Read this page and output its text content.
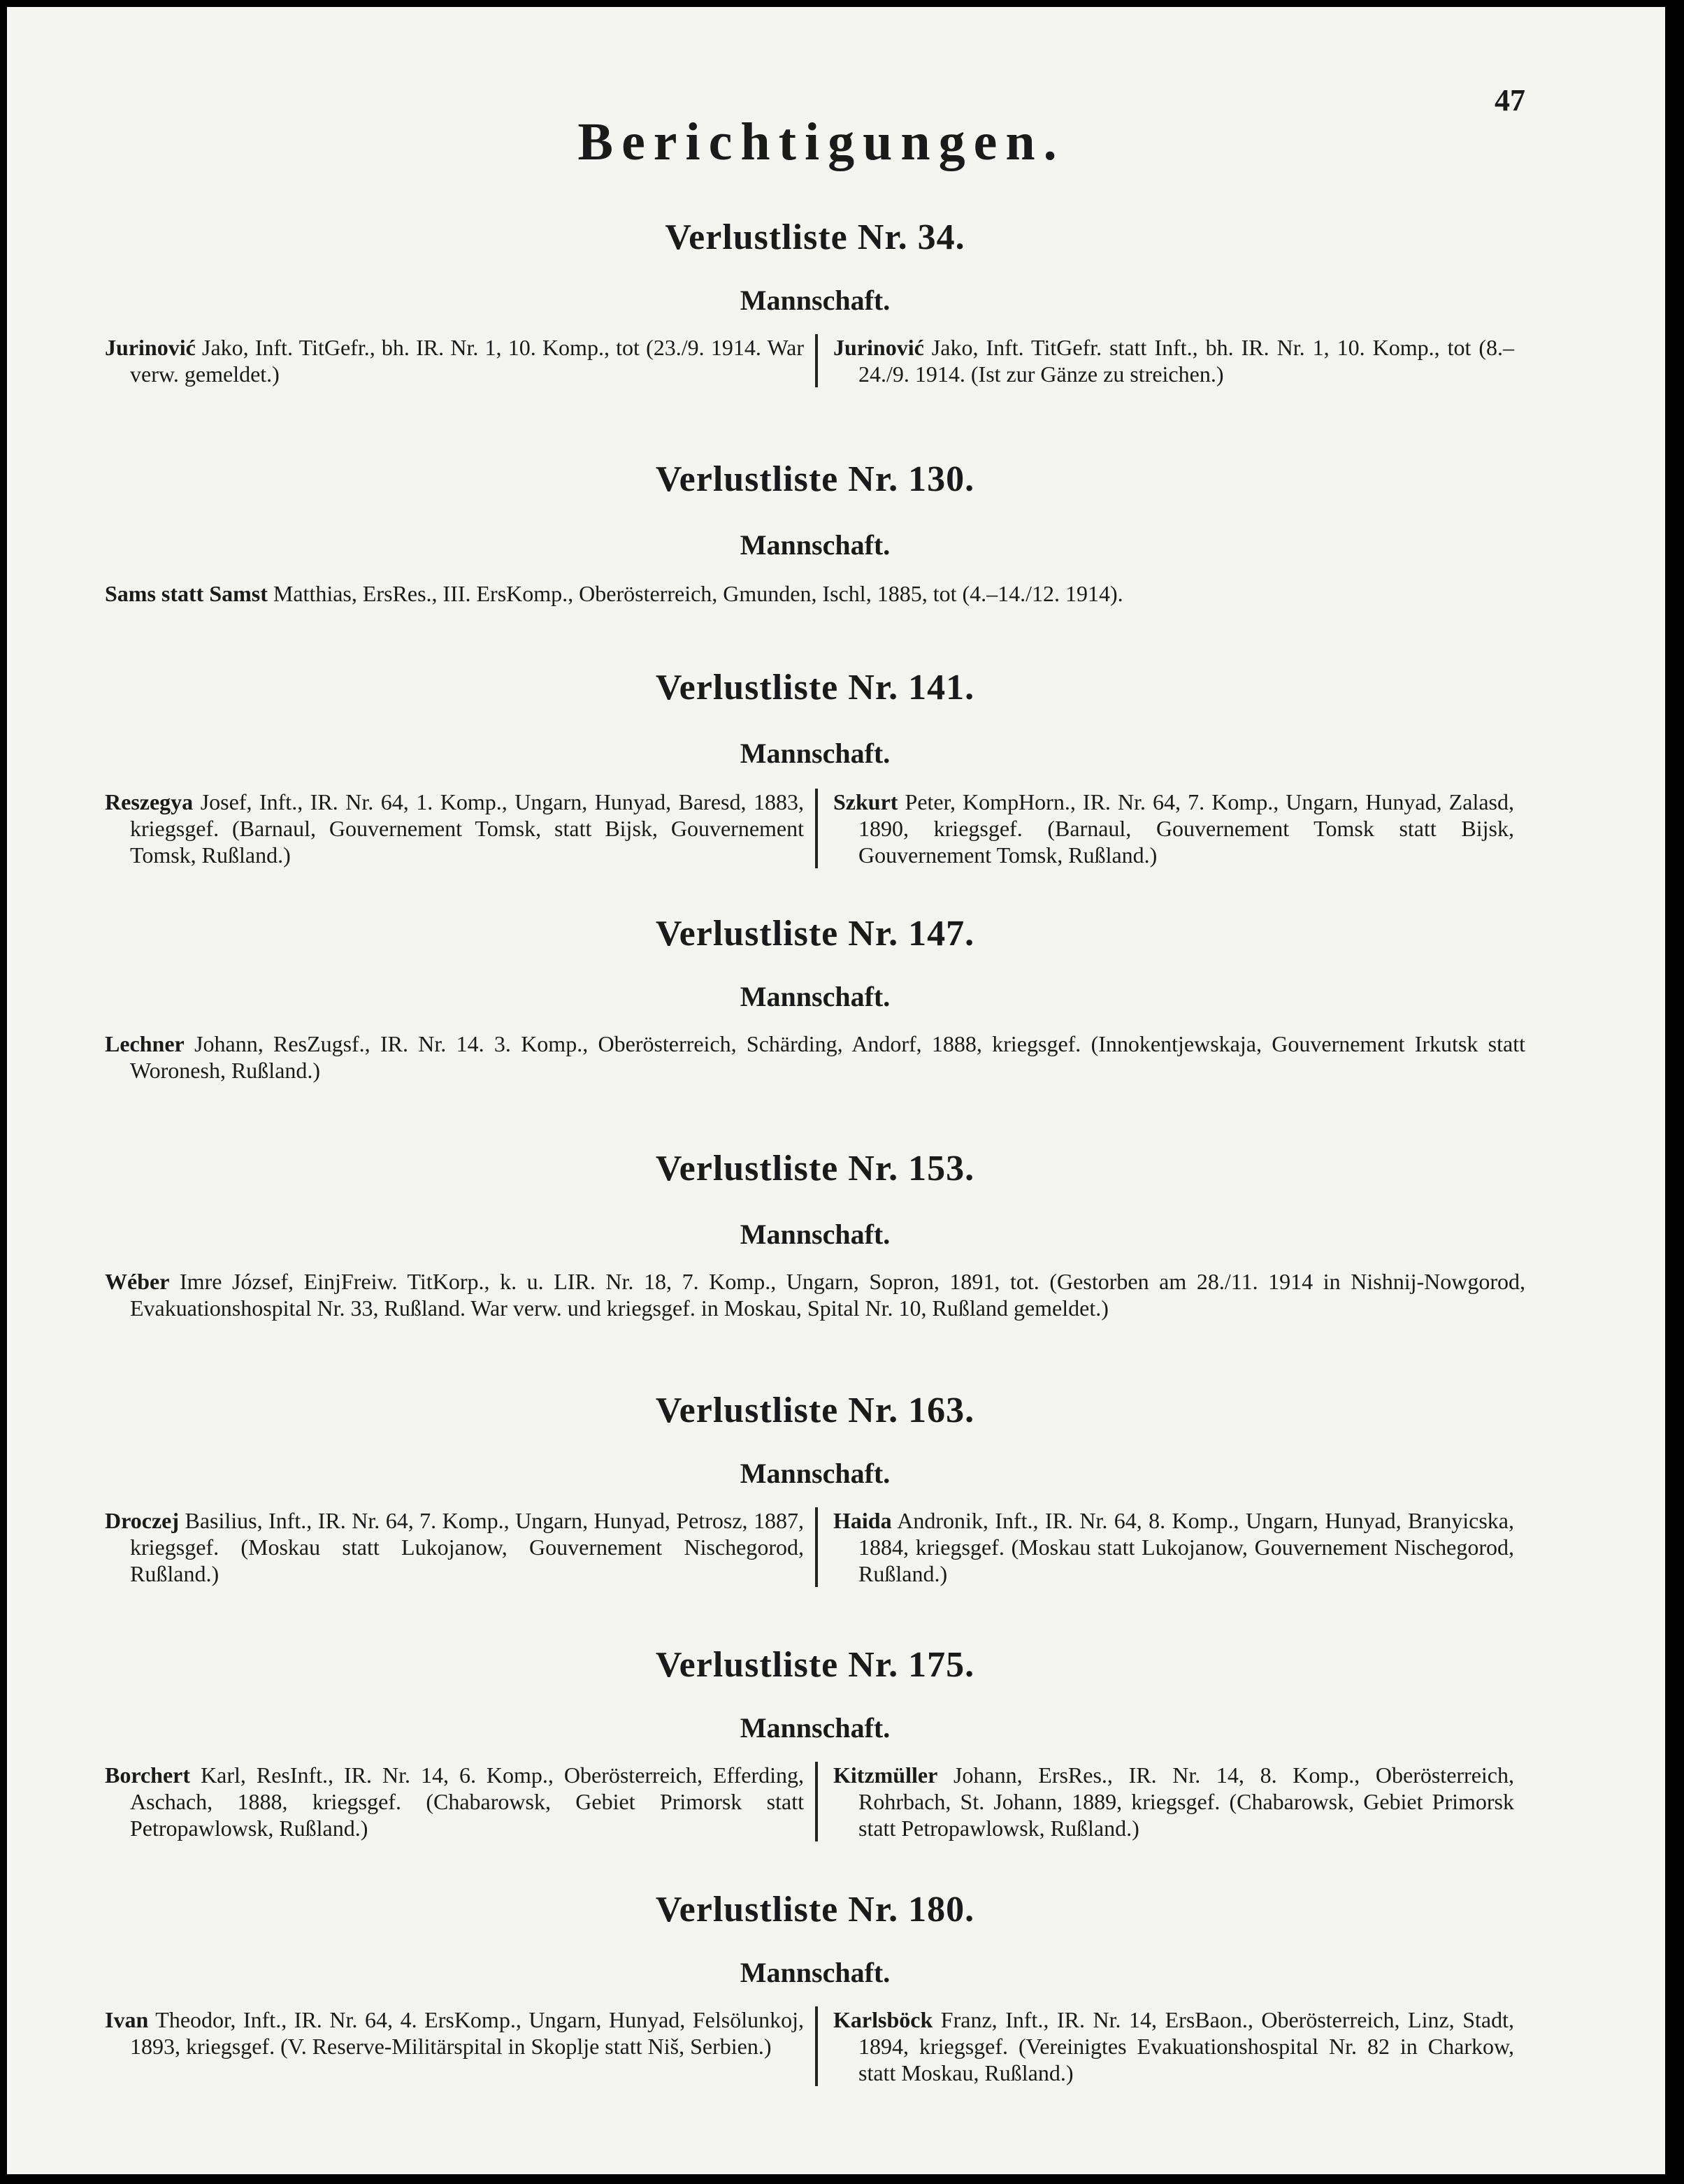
47
Berichtigungen.
Verlustliste Nr. 34.
Mannschaft.
Jurinović Jako, Inft. TitGefr., bh. IR. Nr. 1, 10. Komp., tot (23./9. 1914. War verw. gemeldet.)
Jurinović Jako, Inft. TitGefr. statt Inft., bh. IR. Nr. 1, 10. Komp., tot (8.–24./9. 1914. (Ist zur Gänze zu streichen.)
Verlustliste Nr. 130.
Mannschaft.
Sams statt Samst Matthias, ErsRes., III. ErsKomp., Oberösterreich, Gmunden, Ischl, 1885, tot (4.–14./12. 1914).
Verlustliste Nr. 141.
Mannschaft.
Reszegya Josef, Inft., IR. Nr. 64, 1. Komp., Ungarn, Hunyad, Baresd, 1883, kriegsgef. (Barnaul, Gouvernement Tomsk, statt Bijsk, Gouvernement Tomsk, Rußland.)
Szkurt Peter, KompHorn., IR. Nr. 64, 7. Komp., Ungarn, Hunyad, Zalasd, 1890, kriegsgef. (Barnaul, Gouvernement Tomsk statt Bijsk, Gouvernement Tomsk, Rußland.)
Verlustliste Nr. 147.
Mannschaft.
Lechner Johann, ResZugsf., IR. Nr. 14. 3. Komp., Oberösterreich, Schärding, Andorf, 1888, kriegsgef. (Innokentjewskaja, Gouvernement Irkutsk statt Woronesh, Rußland.)
Verlustliste Nr. 153.
Mannschaft.
Wéber Imre József, EinjFreiw. TitKorp., k. u. LIR. Nr. 18, 7. Komp., Ungarn, Sopron, 1891, tot. (Gestorben am 28./11. 1914 in Nishnij-Nowgorod, Evakuationshospital Nr. 33, Rußland. War verw. und kriegsgef. in Moskau, Spital Nr. 10, Rußland gemeldet.)
Verlustliste Nr. 163.
Mannschaft.
Droczej Basilius, Inft., IR. Nr. 64, 7. Komp., Ungarn, Hunyad, Petrosz, 1887, kriegsgef. (Moskau statt Lukojanow, Gouvernement Nischegorod, Rußland.)
Haida Andronik, Inft., IR. Nr. 64, 8. Komp., Ungarn, Hunyad, Branyicska, 1884, kriegsgef. (Moskau statt Lukojanow, Gouvernement Nischegorod, Rußland.)
Verlustliste Nr. 175.
Mannschaft.
Borchert Karl, ResInft., IR. Nr. 14, 6. Komp., Oberösterreich, Efferding, Aschach, 1888, kriegsgef. (Chabarowsk, Gebiet Primorsk statt Petropawlowsk, Rußland.)
Kitzmüller Johann, ErsRes., IR. Nr. 14, 8. Komp., Oberösterreich, Rohrbach, St. Johann, 1889, kriegsgef. (Chabarowsk, Gebiet Primorsk statt Petropawlowsk, Rußland.)
Verlustliste Nr. 180.
Mannschaft.
Ivan Theodor, Inft., IR. Nr. 64, 4. ErsKomp., Ungarn, Hunyad, Felsölunkoj, 1893, kriegsgef. (V. Reserve-Militärspital in Skoplje statt Niš, Serbien.)
Karlsböck Franz, Inft., IR. Nr. 14, ErsBaon., Oberösterreich, Linz, Stadt, 1894, kriegsgef. (Vereinigtes Evakuationshospital Nr. 82 in Charkow, statt Moskau, Rußland.)
